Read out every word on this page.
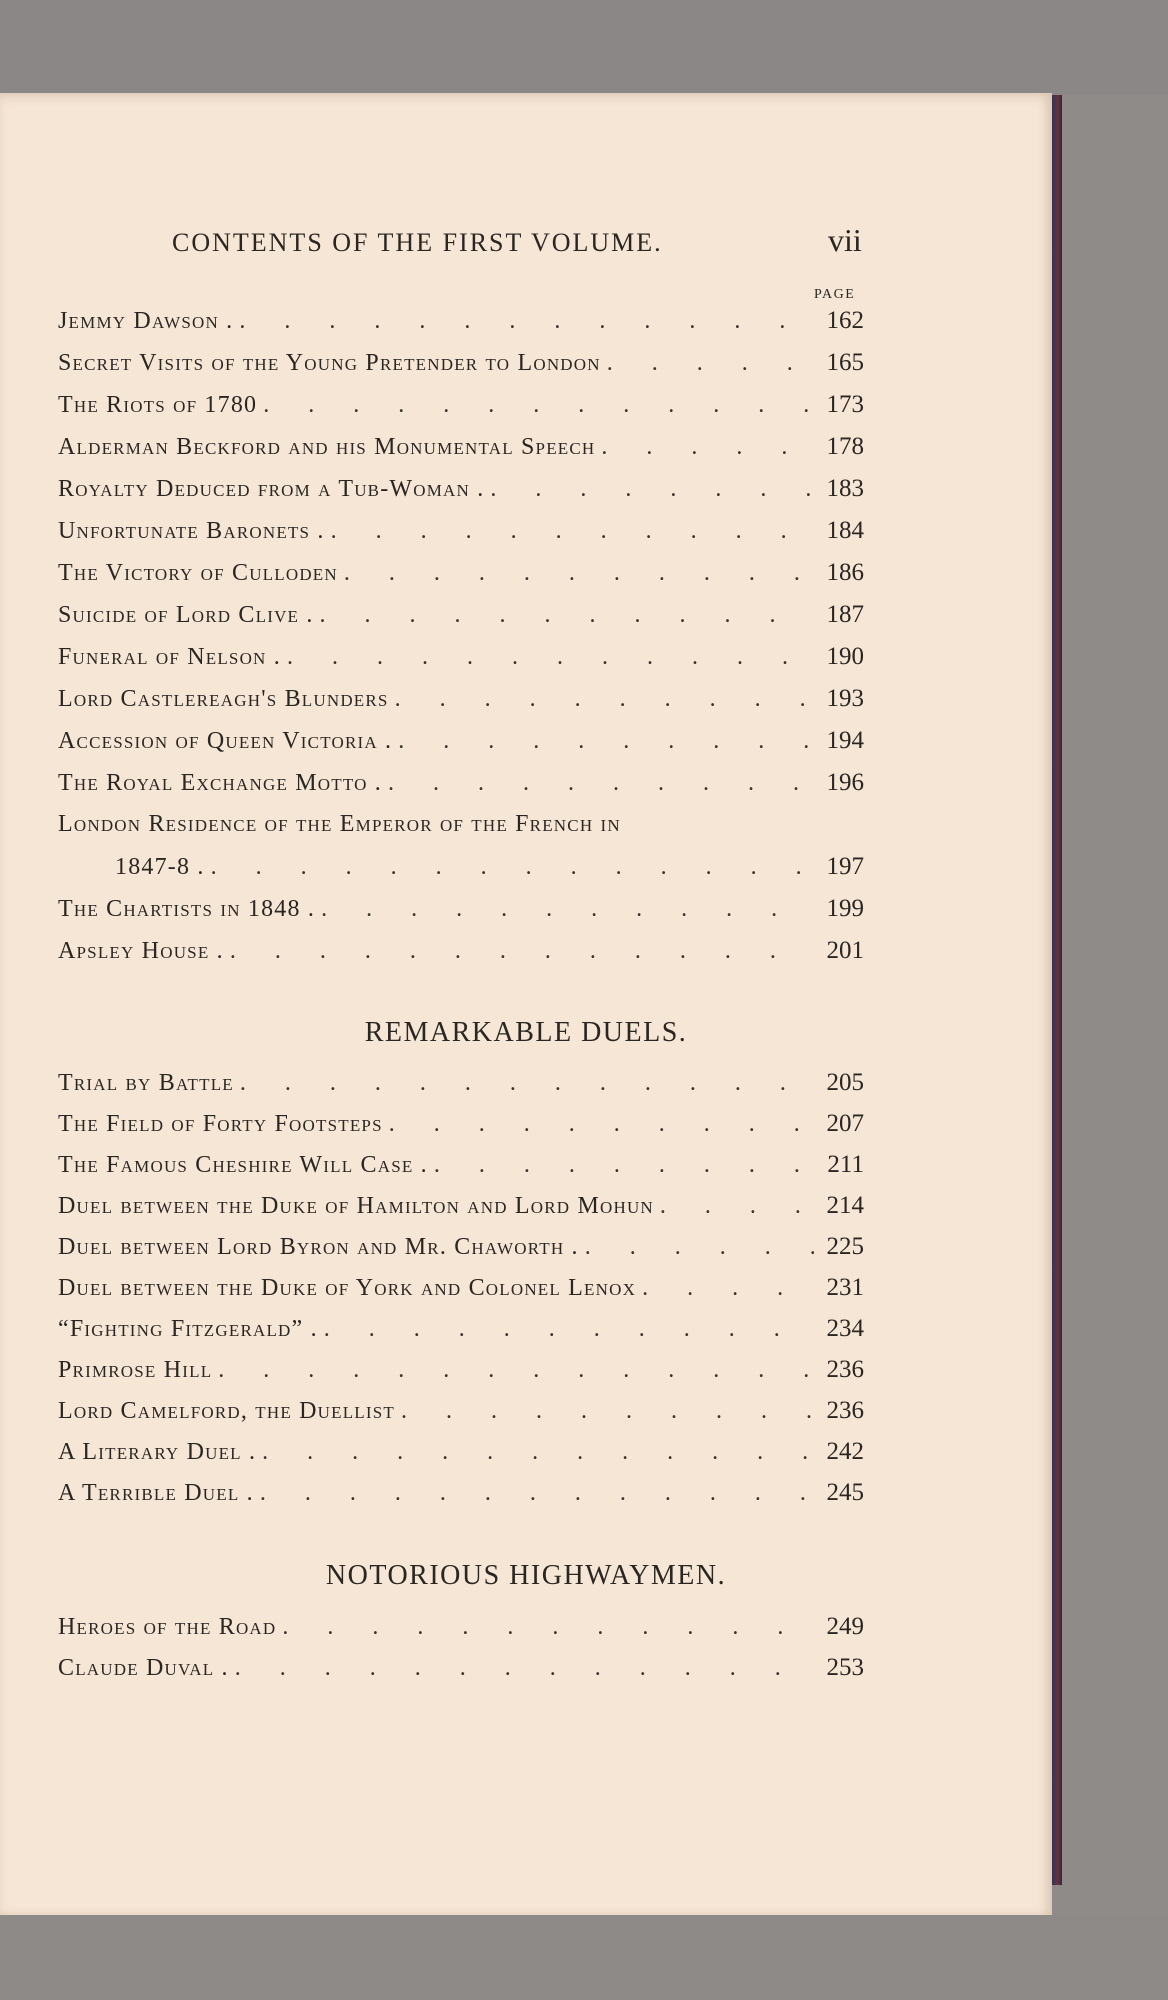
CONTENTS OF THE FIRST VOLUME.	vii
PAGE
Jemmy Dawson . . . .	162
Secret Visits of the Young Pretender to London . . .	165
The Riots of 1780 . . .	173
Alderman Beckford and his Monumental Speech . . .	178
Royalty Deduced from a Tub-Woman . . . .	183
Unfortunate Baronets . . . .	184
The Victory of Culloden . . .	186
Suicide of Lord Clive . . . .	187
Funeral of Nelson . . . .	190
Lord Castlereagh's Blunders . . .	193
Accession of Queen Victoria . . . .	194
The Royal Exchange Motto . . . .	196
London Residence of the Emperor of the French in
1847-8 . . . .	197
The Chartists in 1848 . . . .	199
Apsley House . . . .	201
REMARKABLE DUELS.
Trial by Battle . . .	205
The Field of Forty Footsteps . . .	207
The Famous Cheshire Will Case . . . .	211
Duel between the Duke of Hamilton and Lord Mohun . . .	214
Duel between Lord Byron and Mr. Chaworth . . . .	225
Duel between the Duke of York and Colonel Lenox . . .	231
“Fighting Fitzgerald” . . . .	234
Primrose Hill . . .	236
Lord Camelford, the Duellist . . .	236
A Literary Duel . . . .	242
A Terrible Duel . . . .	245
NOTORIOUS HIGHWAYMEN.
Heroes of the Road . . .	249
Claude Duval . . . .	253
